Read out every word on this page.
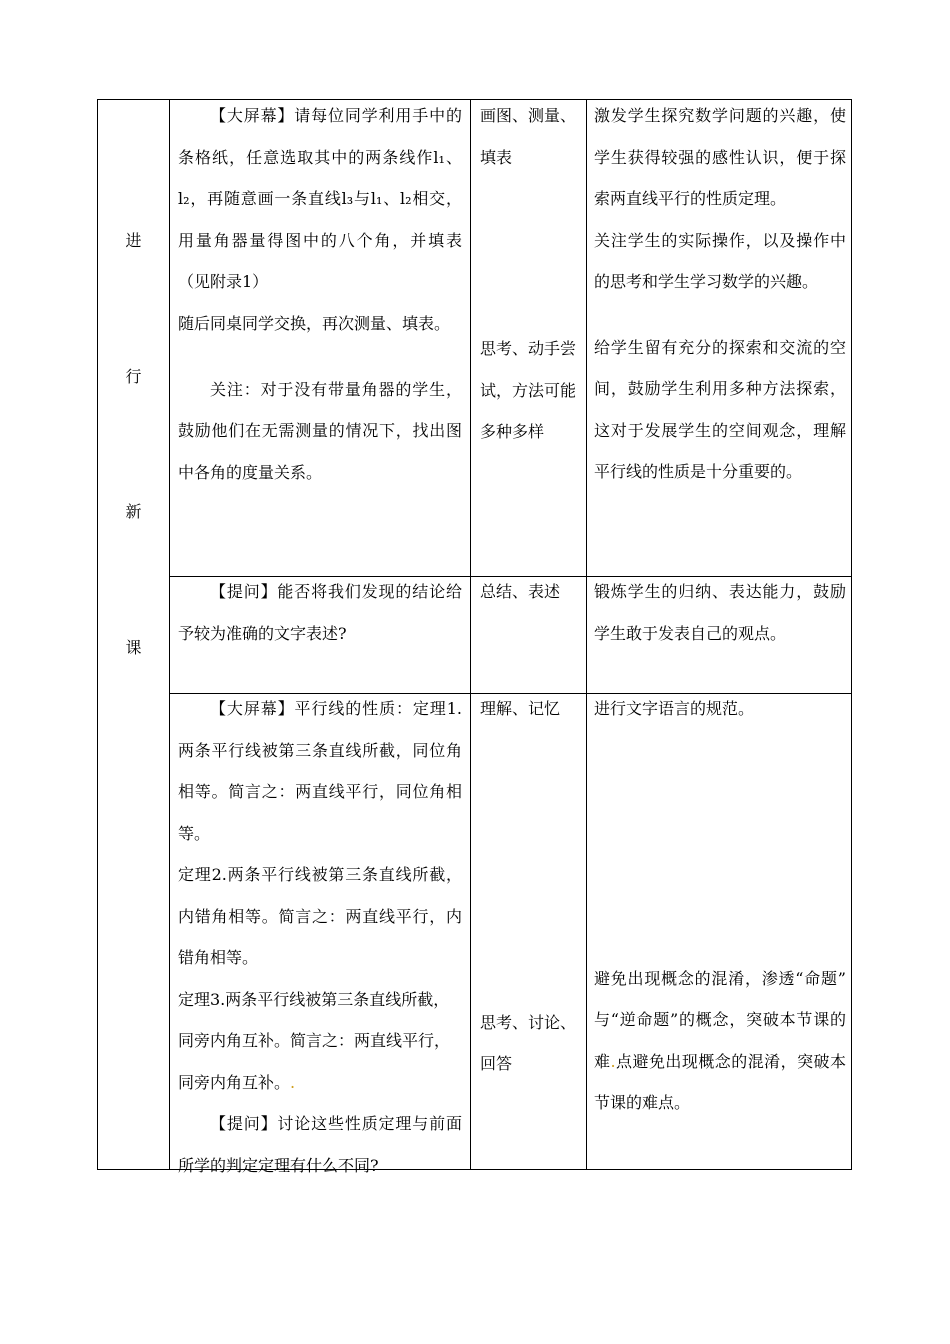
进
行
新
课

【大屏幕】请每位同学利用手中的条格纸，任意选取其中的两条线作l₁、l₂，再随意画一条直线l₃与l₁、l₂相交，用量角器量得图中的八个角，并填表（见附录1）

随后同桌同学交换，再次测量、填表。

关注：对于没有带量角器的学生，鼓励他们在无需测量的情况下，找出图中各角的度量关系。

画图、测量、填表

思考、动手尝试，方法可能多种多样

激发学生探究数学问题的兴趣，使学生获得较强的感性认识，便于探索两直线平行的性质定理。

关注学生的实际操作，以及操作中的思考和学生学习数学的兴趣。

给学生留有充分的探索和交流的空间，鼓励学生利用多种方法探索，这对于发展学生的空间观念，理解平行线的性质是十分重要的。

【提问】能否将我们发现的结论给予较为准确的文字表述?

总结、表述	锻炼学生的归纳、表达能力，鼓励学生敢于发表自己的观点。

【大屏幕】平行线的性质：定理1.两条平行线被第三条直线所截，同位角相等。简言之：两直线平行，同位角相等。

定理2.两条平行线被第三条直线所截，内错角相等。简言之：两直线平行，内错角相等。

定理3.两条平行线被第三条直线所截，同旁内角互补。简言之：两直线平行，同旁内角互补。

.

【提问】讨论这些性质定理与前面所学的判定定理有什么不同?

理解、记忆

思考、讨论、回答

进行文字语言的规范。

避免出现概念的混淆，渗透“命题” 与“逆命题”的概念，突破本节课的难.点避免出现概念的混淆，突破本节课的难点。
